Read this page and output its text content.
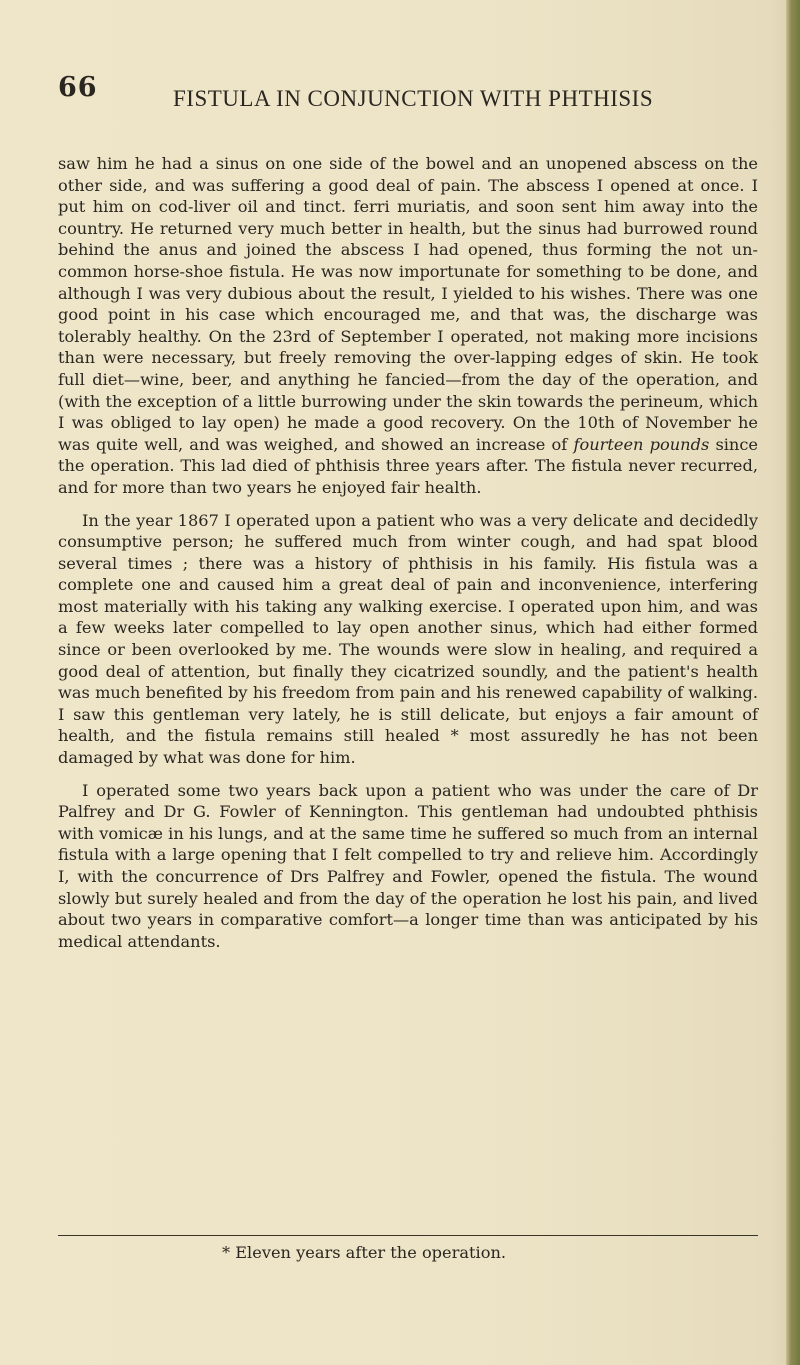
66	FISTULA IN CONJUNCTION WITH PHTHISIS

saw him he had a sinus on one side of the bowel and an unopened abscess on the other side, and was suffering a good deal of pain. The abscess I opened at once. I put him on cod-liver oil and tinct. ferri muriatis, and soon sent him away into the country. He returned very much better in health, but the sinus had burrowed round behind the anus and joined the abscess I had opened, thus forming the not uncommon horse-shoe fistula. He was now importunate for something to be done, and although I was very dubious about the result, I yielded to his wishes. There was one good point in his case which encouraged me, and that was, the discharge was tolerably healthy. On the 23rd of September I operated, not making more incisions than were necessary, but freely removing the over-lapping edges of skin. He took full diet—wine, beer, and anything he fancied—from the day of the operation, and (with the exception of a little burrowing under the skin towards the perineum, which I was obliged to lay open) he made a good recovery. On the 10th of November he was quite well, and was weighed, and showed an increase of fourteen pounds since the operation. This lad died of phthisis three years after. The fistula never recurred, and for more than two years he enjoyed fair health.

In the year 1867 I operated upon a patient who was a very delicate and decidedly consumptive person; he suffered much from winter cough, and had spat blood several times ; there was a history of phthisis in his family. His fistula was a complete one and caused him a great deal of pain and inconvenience, interfering most materially with his taking any walking exercise. I operated upon him, and was a few weeks later compelled to lay open another sinus, which had either formed since or been overlooked by me. The wounds were slow in healing, and required a good deal of attention, but finally they cicatrized soundly, and the patient's health was much benefited by his freedom from pain and his renewed capability of walking. I saw this gentleman very lately, he is still delicate, but enjoys a fair amount of health, and the fistula remains still healed * most assuredly he has not been damaged by what was done for him.

I operated some two years back upon a patient who was under the care of Dr Palfrey and Dr G. Fowler of Kennington. This gentleman had undoubted phthisis with vomicæ in his lungs, and at the same time he suffered so much from an internal fistula with a large opening that I felt compelled to try and relieve him. Accordingly I, with the concurrence of Drs Palfrey and Fowler, opened the fistula. The wound slowly but surely healed and from the day of the operation he lost his pain, and lived about two years in comparative comfort—a longer time than was anticipated by his medical attendants.

* Eleven years after the operation.
